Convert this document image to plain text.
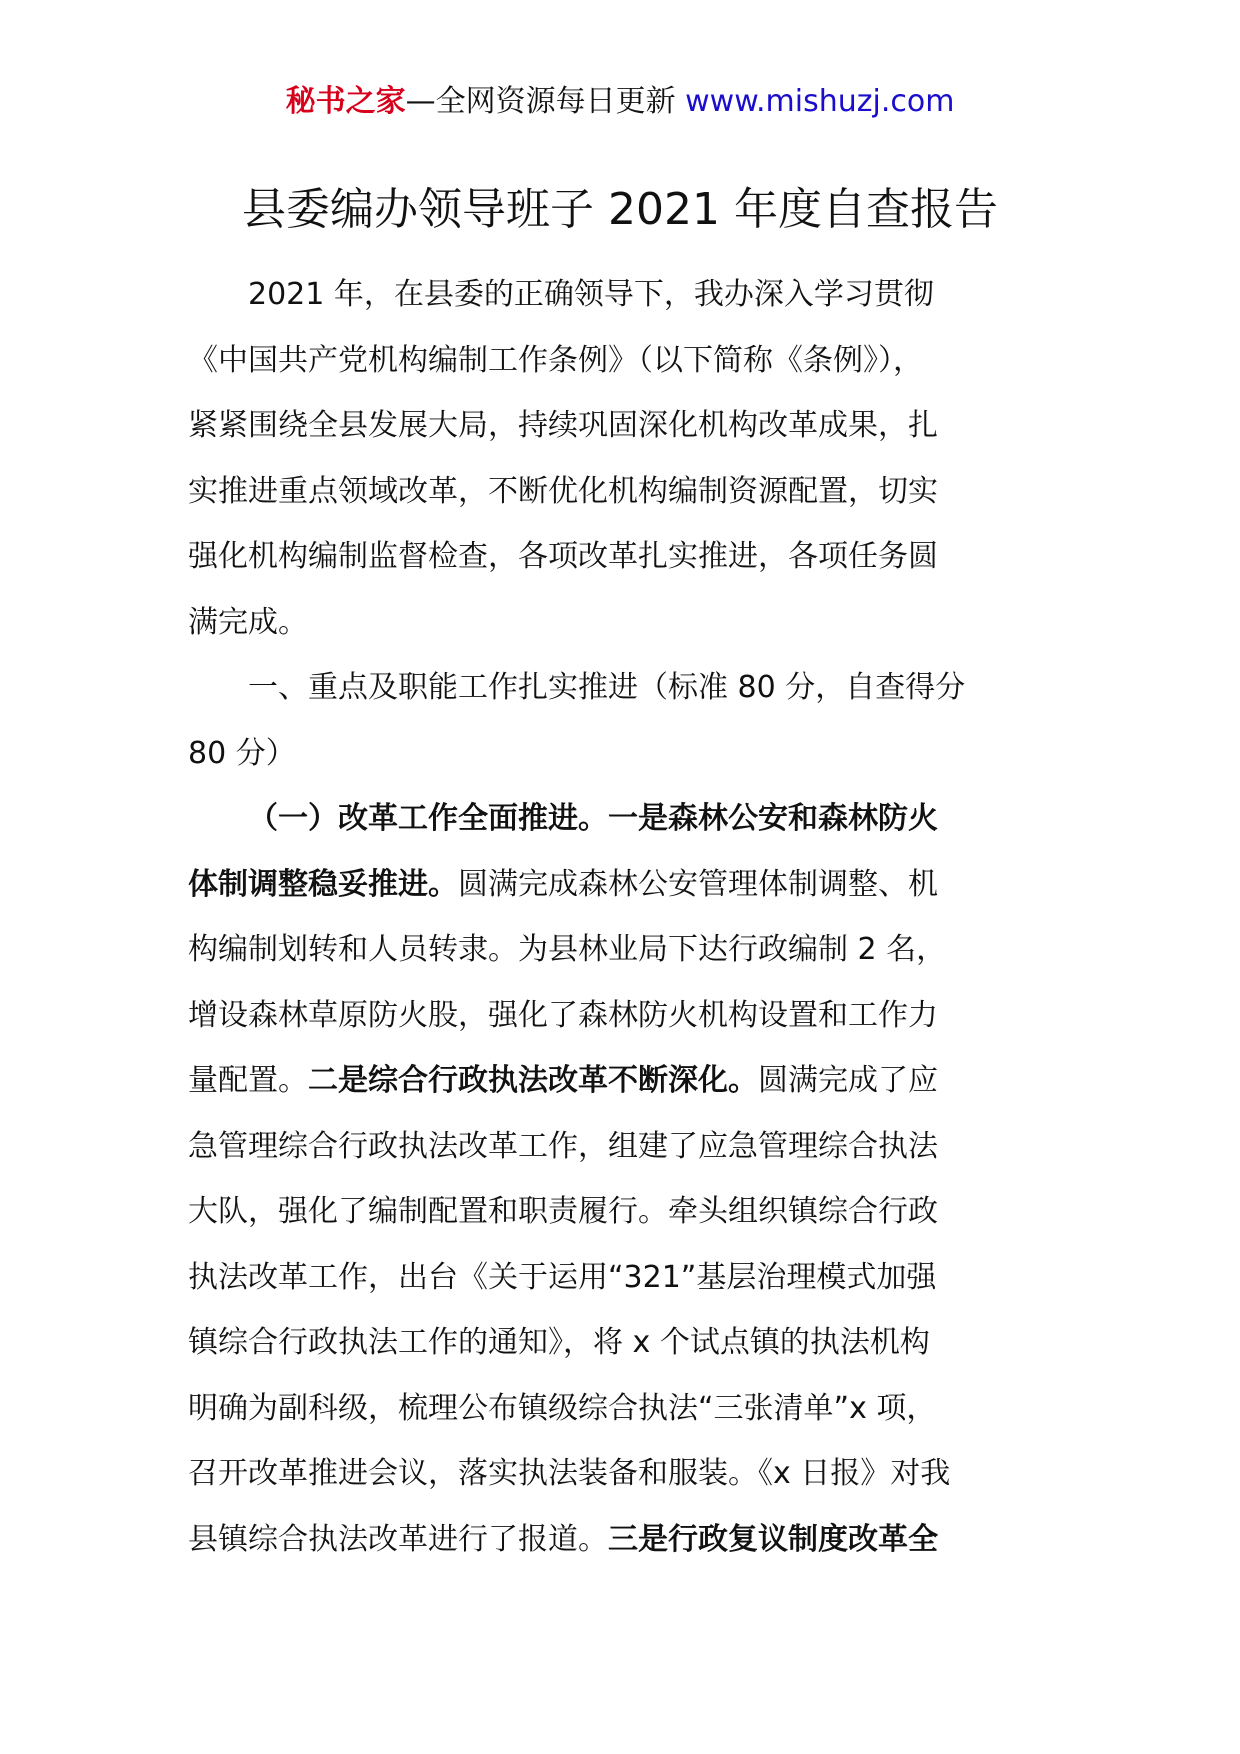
秘书之家—全网资源每日更新 www.mishuzj.com
县委编办领导班子 2021 年度自查报告

2021 年，在县委的正确领导下，我办深入学习贯彻

《中国共产党机构编制工作条例》（以下简称《条例》），
紧紧围绕全县发展大局，持续巩固深化机构改革成果，扎
实推进重点领域改革，不断优化机构编制资源配置，切实
强化机构编制监督检查，各项改革扎实推进，各项任务圆
满完成。

一、重点及职能工作扎实推进（标准 80 分，自查得分

80 分）

（一）改革工作全面推进。一是森林公安和森林防火

体制调整稳妥推进。圆满完成森林公安管理体制调整、机
构编制划转和人员转隶。为县林业局下达行政编制 2 名，
增设森林草原防火股，强化了森林防火机构设置和工作力
量配置。二是综合行政执法改革不断深化。圆满完成了应
急管理综合行政执法改革工作，组建了应急管理综合执法
大队，强化了编制配置和职责履行。牵头组织镇综合行政
执法改革工作，出台《关于运用“321”基层治理模式加强
镇综合行政执法工作的通知》，将 x 个试点镇的执法机构
明确为副科级，梳理公布镇级综合执法“三张清单”x 项，
召开改革推进会议，落实执法装备和服装。《x 日报》对我
县镇综合执法改革进行了报道。三是行政复议制度改革全
